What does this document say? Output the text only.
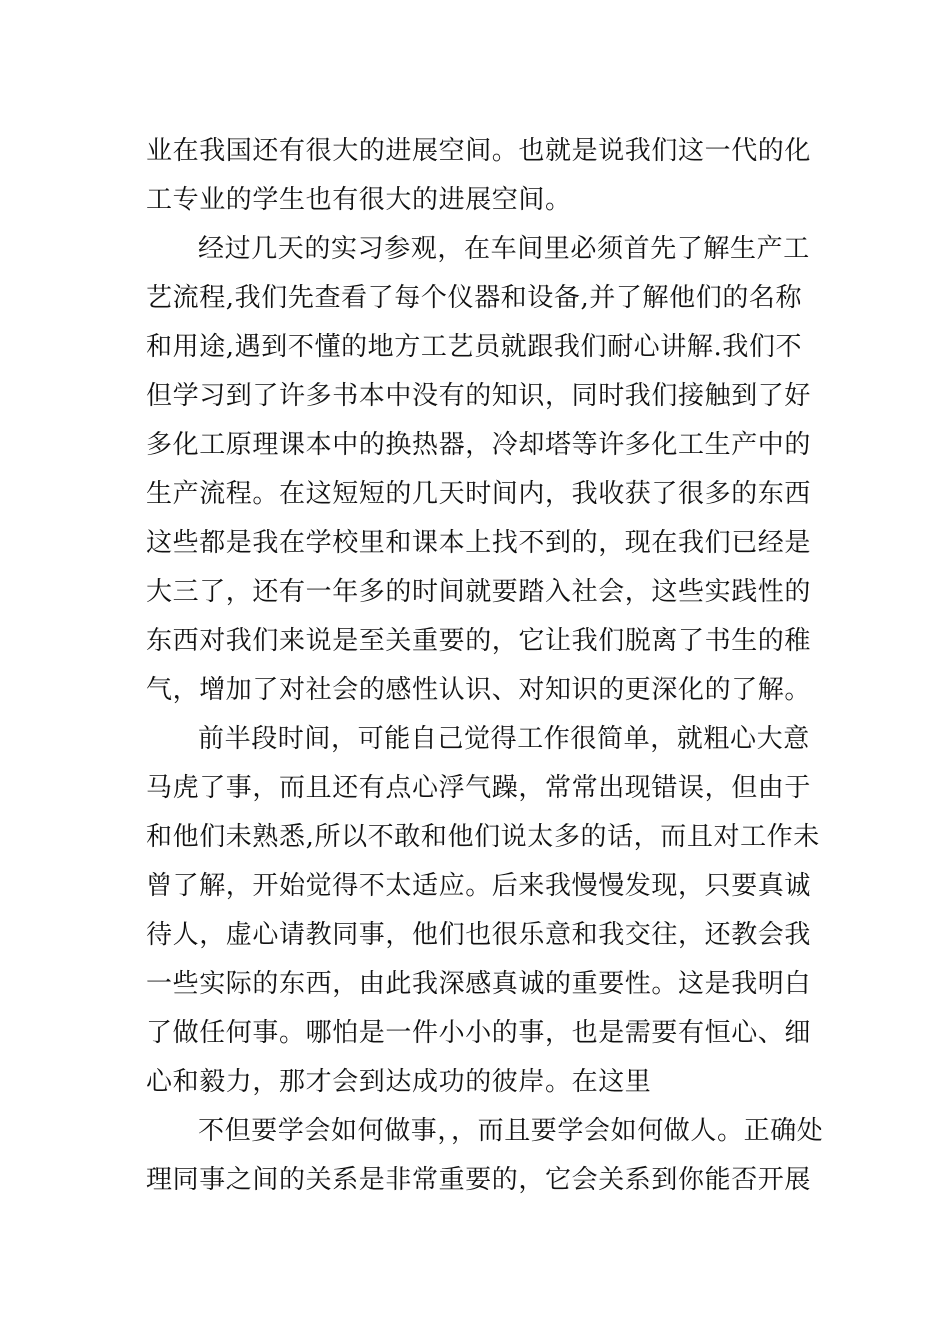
业在我国还有很大的进展空间。也就是说我们这一代的化
工专业的学生也有很大的进展空间。
经过几天的实习参观，在车间里必须首先了解生产工
艺流程,我们先查看了每个仪器和设备,并了解他们的名称
和用途,遇到不懂的地方工艺员就跟我们耐心讲解.我们不
但学习到了许多书本中没有的知识，同时我们接触到了好
多化工原理课本中的换热器，冷却塔等许多化工生产中的
生产流程。在这短短的几天时间内，我收获了很多的东西
这些都是我在学校里和课本上找不到的，现在我们已经是
大三了，还有一年多的时间就要踏入社会，这些实践性的
东西对我们来说是至关重要的，它让我们脱离了书生的稚
气，增加了对社会的感性认识、对知识的更深化的了解。
前半段时间，可能自己觉得工作很简单，就粗心大意
马虎了事，而且还有点心浮气躁，常常出现错误，但由于
和他们未熟悉,所以不敢和他们说太多的话，而且对工作未
曾了解，开始觉得不太适应。后来我慢慢发现，只要真诚
待人，虚心请教同事，他们也很乐意和我交往，还教会我
一些实际的东西，由此我深感真诚的重要性。这是我明白
了做任何事。哪怕是一件小小的事，也是需要有恒心、细
心和毅力，那才会到达成功的彼岸。在这里
不但要学会如何做事，，而且要学会如何做人。正确处
理同事之间的关系是非常重要的，它会关系到你能否开展
